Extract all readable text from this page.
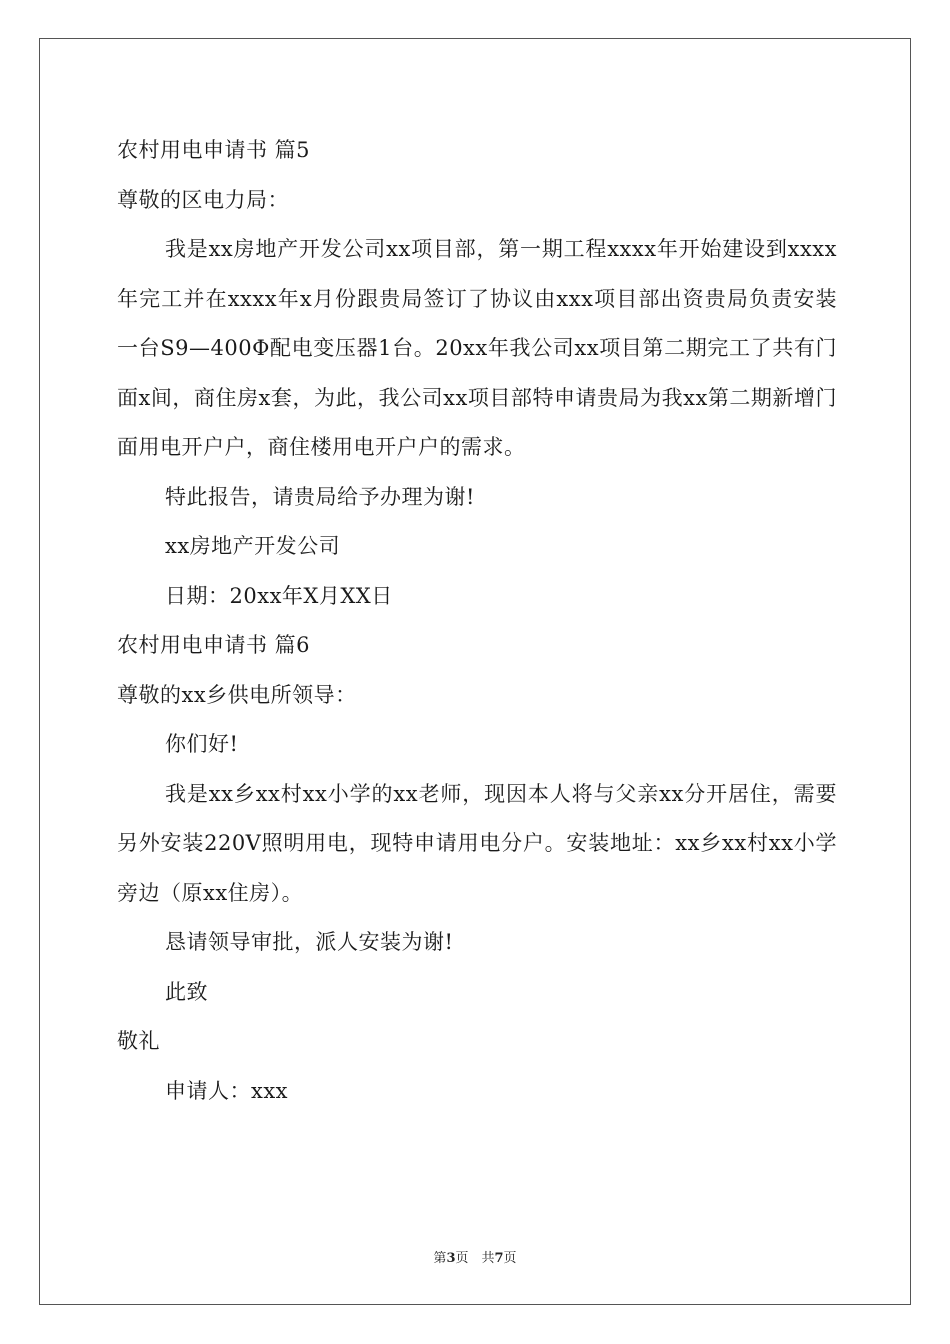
农村用电申请书 篇5
尊敬的区电力局：
我是xx房地产开发公司xx项目部，第一期工程xxxx年开始建设到xxxx年完工并在xxxx年x月份跟贵局签订了协议由xxx项目部出资贵局负责安装一台S9—400Φ配电变压器1台。20xx年我公司xx项目第二期完工了共有门面x间，商住房x套，为此，我公司xx项目部特申请贵局为我xx第二期新增门面用电开户户，商住楼用电开户户的需求。
特此报告，请贵局给予办理为谢!
xx房地产开发公司
日期：20xx年X月XX日
农村用电申请书 篇6
尊敬的xx乡供电所领导：
你们好!
我是xx乡xx村xx小学的xx老师，现因本人将与父亲xx分开居住，需要另外安装220V照明用电，现特申请用电分户。安装地址：xx乡xx村xx小学旁边（原xx住房）。
恳请领导审批，派人安装为谢!
此致
敬礼
申请人：xxx
第3页　共7页
